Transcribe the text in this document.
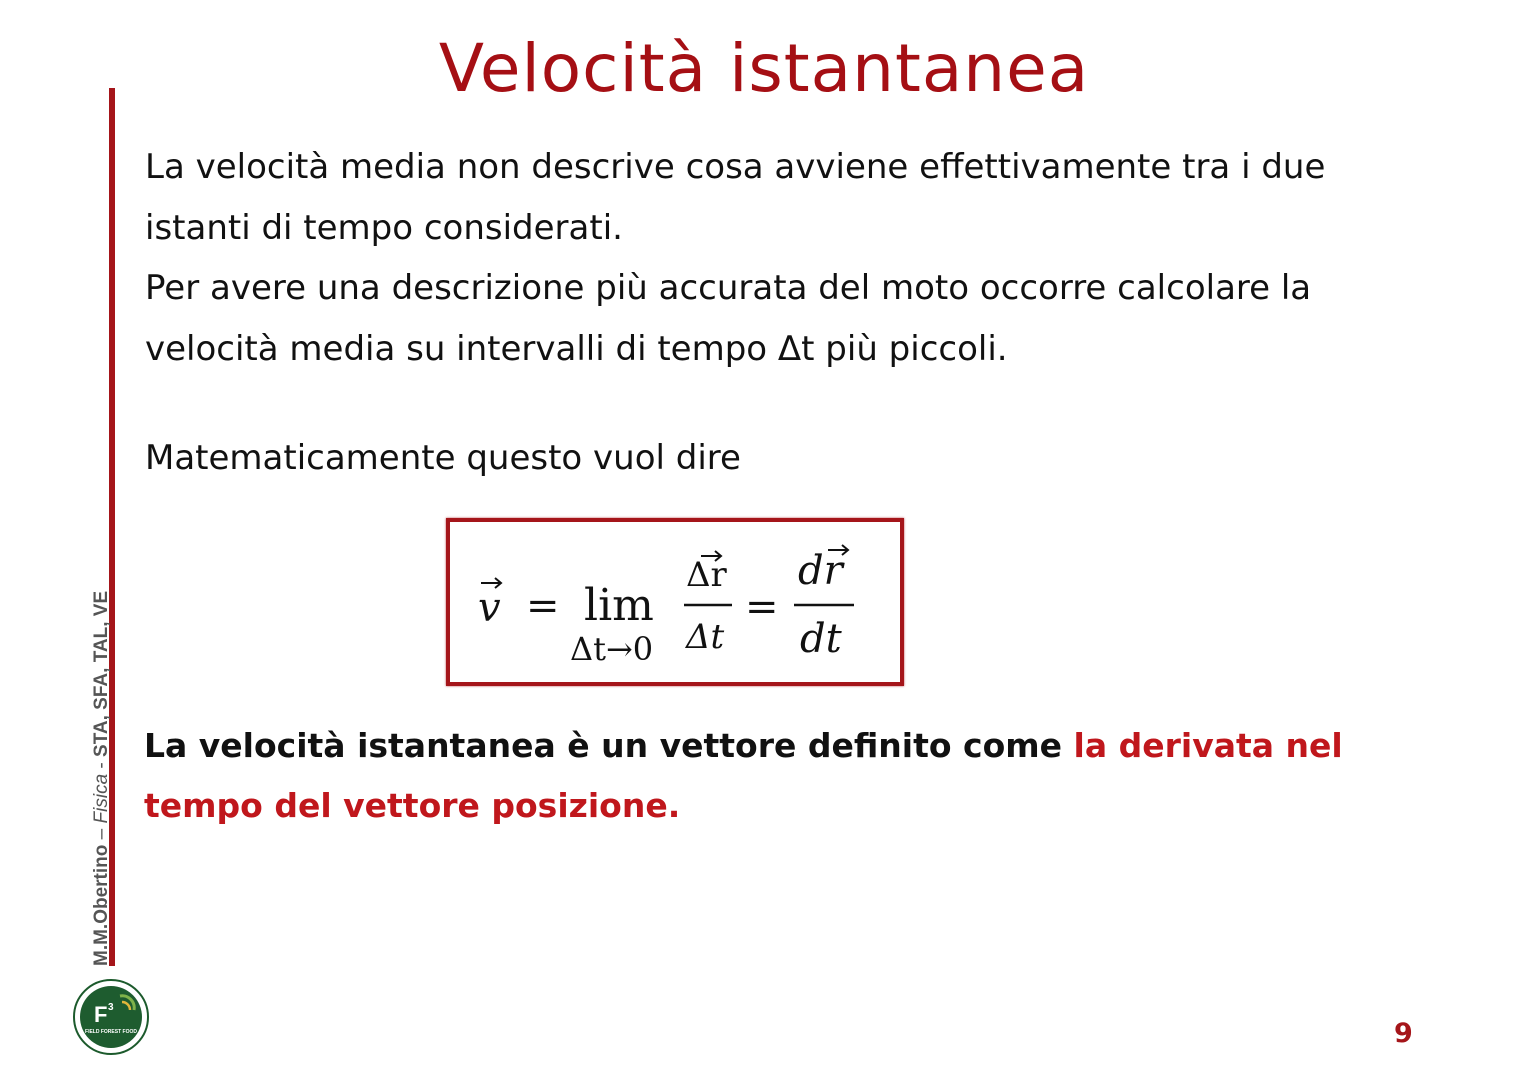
Velocità istantanea
M.M.Obertino – Fisica - STA, SFA, TAL, VE

La velocità media non descrive cosa avviene effettivamente tra i due istanti di tempo considerati.

Per avere una descrizione più accurata del moto occorre calcolare la velocità media su intervalli di tempo Δt più piccoli.

Matematicamente questo vuol dire
v = lim
Δt→0
Δr
Δt
=
dr
dt
La velocità istantanea è un vettore definito come la derivata nel tempo del vettore posizione.
F 3
FIELD FOREST FOOD	9
